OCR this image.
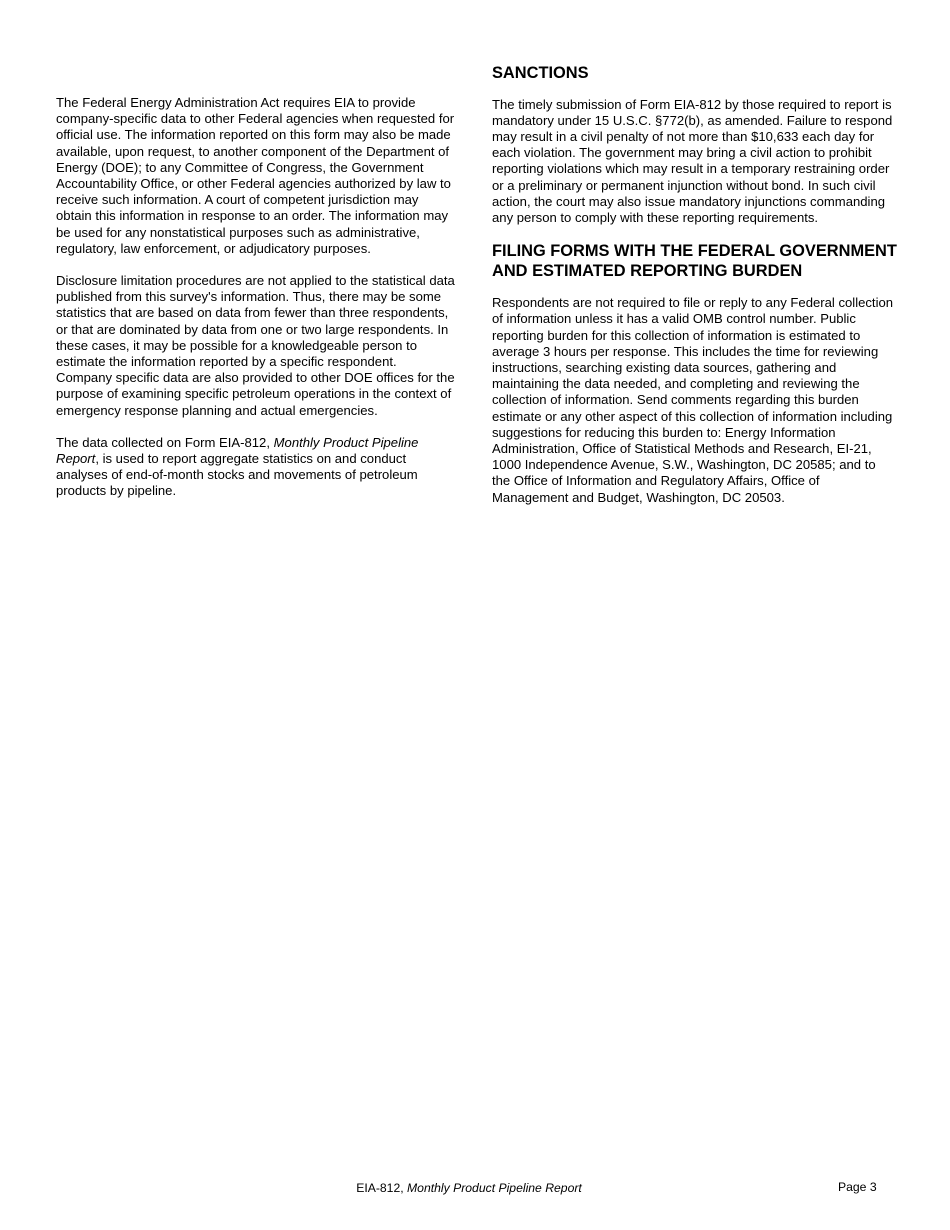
The Federal Energy Administration Act requires EIA to provide company-specific data to other Federal agencies when requested for official use. The information reported on this form may also be made available, upon request, to another component of the Department of Energy (DOE); to any Committee of Congress, the Government Accountability Office, or other Federal agencies authorized by law to receive such information. A court of competent jurisdiction may obtain this information in response to an order. The information may be used for any nonstatistical purposes such as administrative, regulatory, law enforcement, or adjudicatory purposes.

Disclosure limitation procedures are not applied to the statistical data published from this survey's information. Thus, there may be some statistics that are based on data from fewer than three respondents, or that are dominated by data from one or two large respondents. In these cases, it may be possible for a knowledgeable person to estimate the information reported by a specific respondent. Company specific data are also provided to other DOE offices for the purpose of examining specific petroleum operations in the context of emergency response planning and actual emergencies.

The data collected on Form EIA-812, Monthly Product Pipeline Report, is used to report aggregate statistics on and conduct analyses of end-of-month stocks and movements of petroleum products by pipeline.

SANCTIONS

The timely submission of Form EIA-812 by those required to report is mandatory under 15 U.S.C. §772(b), as amended. Failure to respond may result in a civil penalty of not more than $10,633 each day for each violation. The government may bring a civil action to prohibit reporting violations which may result in a temporary restraining order or a preliminary or permanent injunction without bond. In such civil action, the court may also issue mandatory injunctions commanding any person to comply with these reporting requirements.

FILING FORMS WITH THE FEDERAL GOVERNMENT AND ESTIMATED REPORTING BURDEN

Respondents are not required to file or reply to any Federal collection of information unless it has a valid OMB control number. Public reporting burden for this collection of information is estimated to average 3 hours per response. This includes the time for reviewing instructions, searching existing data sources, gathering and maintaining the data needed, and completing and reviewing the collection of information. Send comments regarding this burden estimate or any other aspect of this collection of information including suggestions for reducing this burden to: Energy Information Administration, Office of Statistical Methods and Research, EI-21, 1000 Independence Avenue, S.W., Washington, DC 20585; and to the Office of Information and Regulatory Affairs, Office of Management and Budget, Washington, DC 20503.

EIA-812, Monthly Product Pipeline Report	Page 3
